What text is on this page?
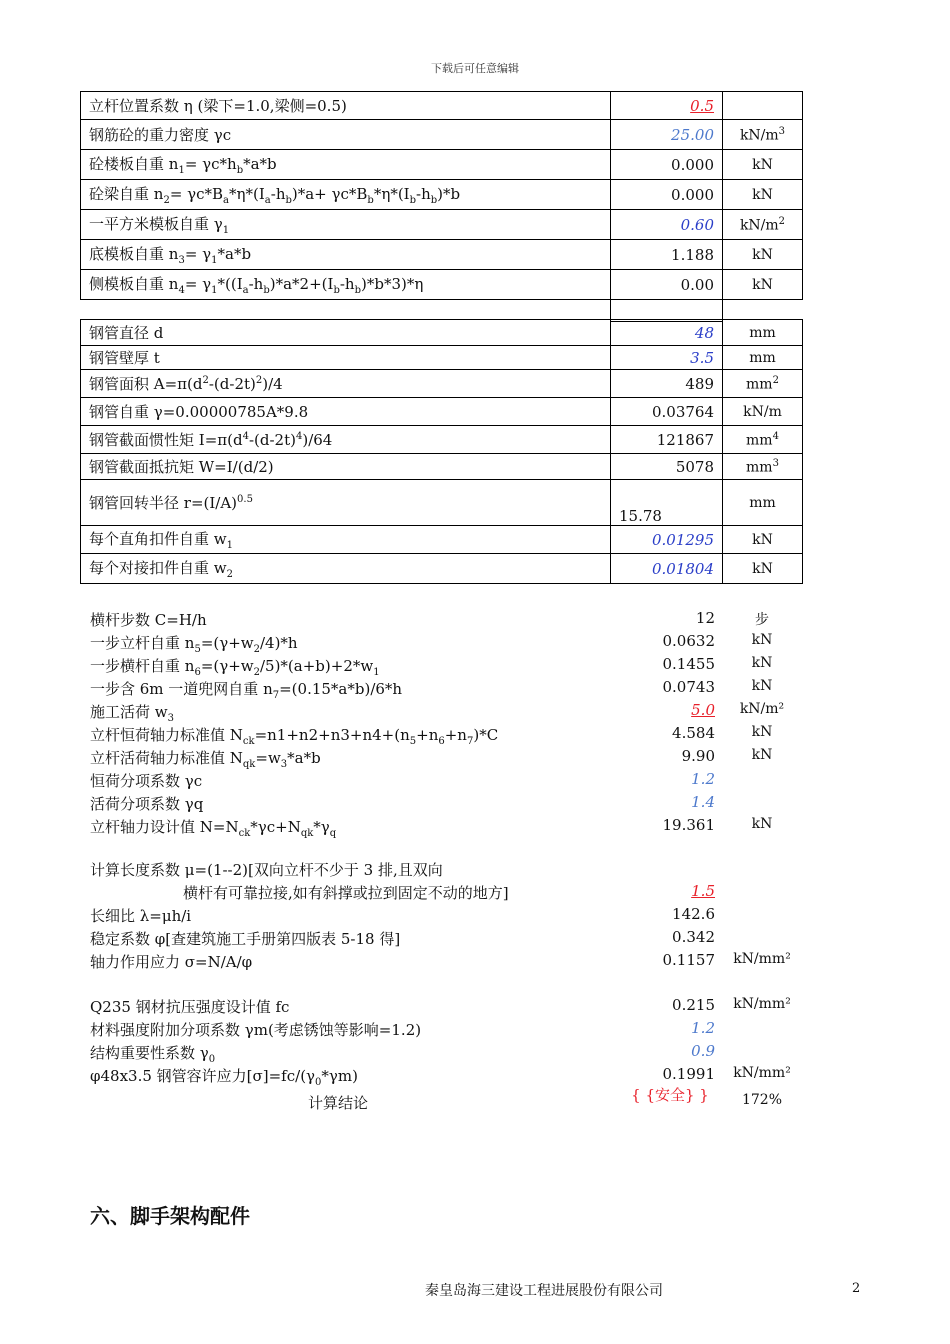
下载后可任意编辑
立杆位置系数 η (梁下=1.0,梁侧=0.5)	0.5	
钢筋砼的重力密度 γc	25.00	$kN/m^3$
砼楼板自重 $n_1= \gamma c*h_b*a*b$	0.000	kN
砼梁自重 $n_2= \gamma c*B_a*\eta*(I_a-h_b)*a+ \gamma c*B_b*\eta*(I_b-h_b)*b$	0.000	kN
一平方米模板自重 $\gamma_1$	0.60	$kN/m^2$
底模板自重 $n_3= \gamma_1*a*b$	1.188	kN
侧模板自重 $n_4= \gamma_1*((I_a-h_b)*a*2+(I_b-h_b)*b*3)*\eta$	0.00	kN

钢管直径 d	48	mm
钢管壁厚 t	3.5	mm
钢管面积 $A=\pi(d^2-(d-2t)^2)/4$	489	$mm^2$
钢管自重 γ=0.00000785A*9.8	0.03764	kN/m
钢管截面惯性矩 $I=\pi(d^4-(d-2t)^4)/64$	121867	$mm^4$
钢管截面抵抗矩 W=I/(d/2)	5078	$mm^3$
钢管回转半径 $r=(I/A)^{0.5}$	15.78	mm
每个直角扣件自重 $w_1$	0.01295	kN
每个对接扣件自重 $w_2$	0.01804	kN
横杆步数 C=H/h	12	步
一步立杆自重 $n_5=(\gamma+w_2/4)*h$	0.0632	kN
一步横杆自重 $n_6=(\gamma+w_2/5)*(a+b)+2*w_1$	0.1455	kN
一步含 6m 一道兜网自重 $n_7=(0.15*a*b)/6*h$	0.0743	kN
施工活荷 $w_3$	5.0	kN/m²
立杆恒荷轴力标准值 $N_{ck}=n1+n2+n3+n4+(n_5+n_6+n_7)*C$	4.584	kN
立杆活荷轴力标准值 $N_{qk}=w_3*a*b$	9.90	kN
恒荷分项系数 γc	1.2
活荷分项系数 γq	1.4
立杆轴力设计值 $N=N_{ck}*\gamma c+N_{qk}*\gamma_q$	19.361	kN
计算长度系数 μ=(1--2)[双向立杆不少于 3 排,且双向
横杆有可靠拉接,如有斜撑或拉到固定不动的地方]	1.5
长细比 λ=μh/i	142.6
稳定系数 φ[查建筑施工手册第四版表 5-18 得]	0.342
轴力作用应力 σ=N/A/φ	0.1157 kN/mm²
Q235 钢材抗压强度设计值 fc	0.215 kN/mm²
材料强度附加分项系数 γm(考虑锈蚀等影响=1.2)	1.2
结构重要性系数 $\gamma_0$	0.9
φ48x3.5 钢管容许应力$[\sigma]=fc/(\gamma_0*\gamma m)$	0.1991 kN/mm²
计算结论	{ {安全} }	172%
六、脚手架构配件
秦皇岛海三建设工程进展股份有限公司	2
